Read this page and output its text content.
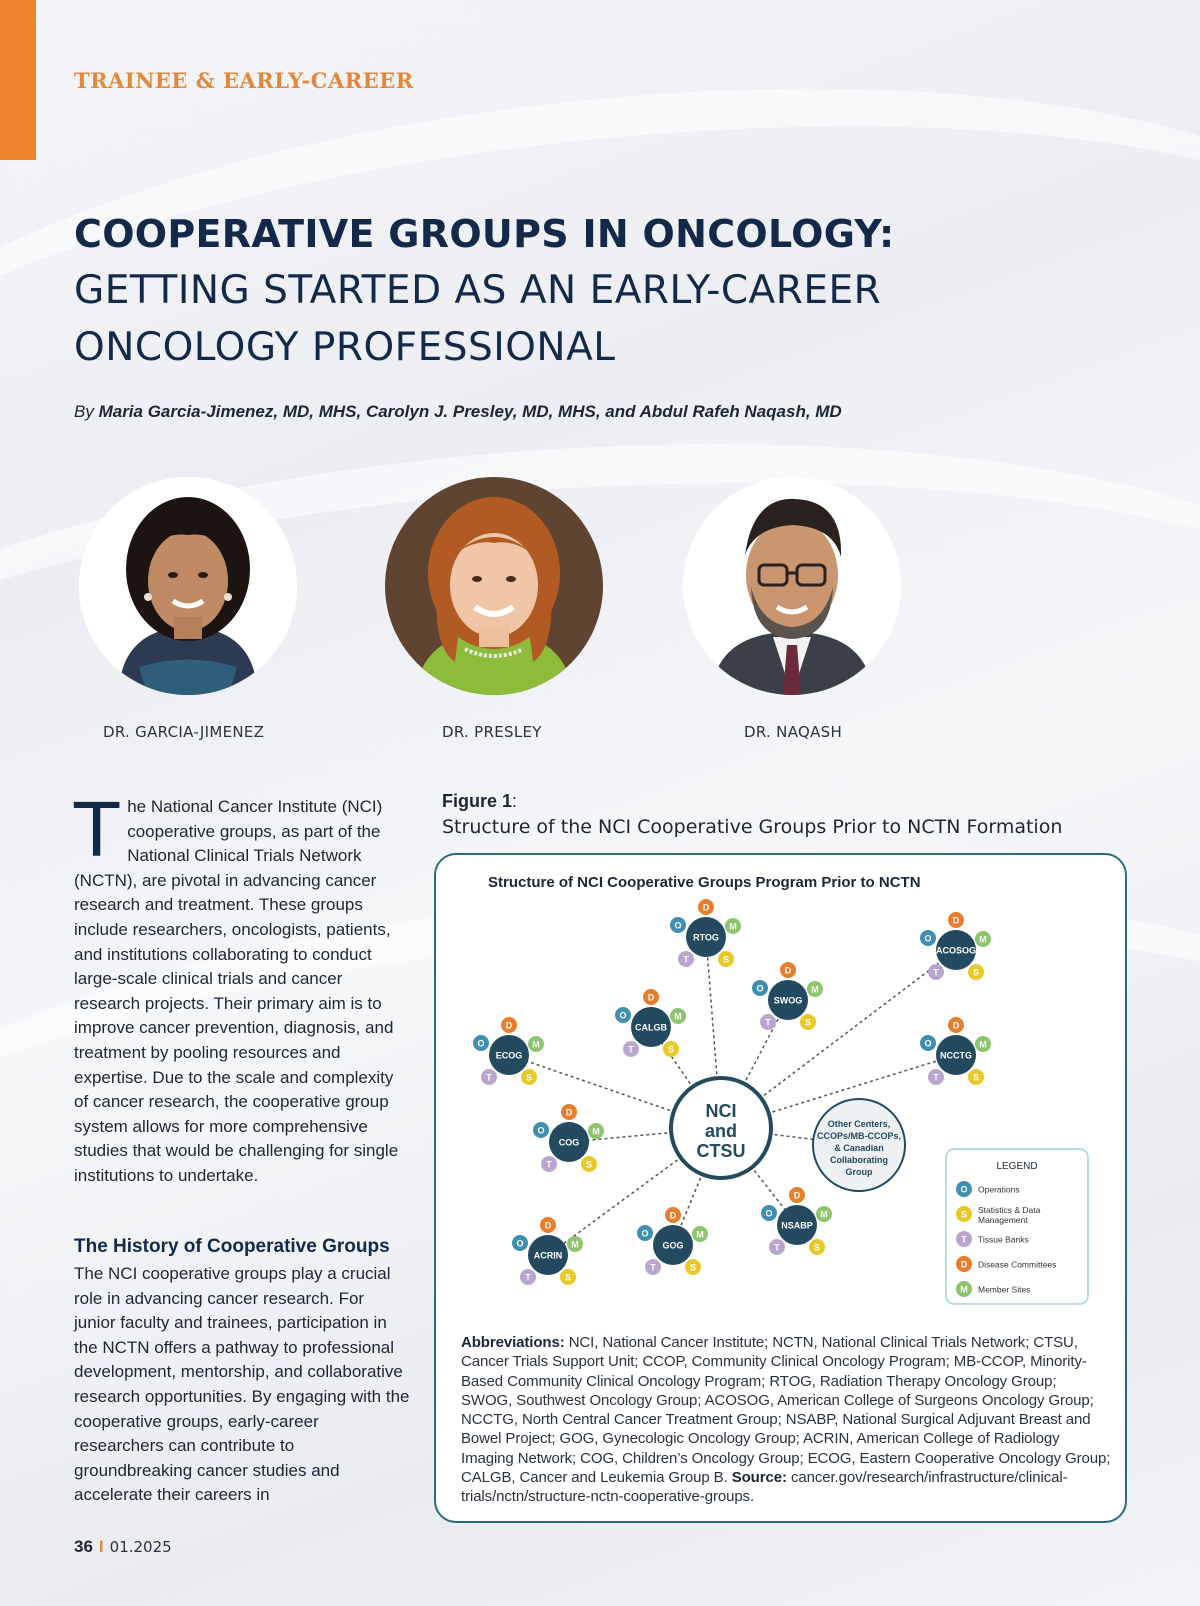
TRAINEE & EARLY-CAREER
COOPERATIVE GROUPS IN ONCOLOGY:
GETTING STARTED AS AN EARLY-CAREER
ONCOLOGY PROFESSIONAL
By Maria Garcia-Jimenez, MD, MHS, Carolyn J. Presley, MD, MHS, and Abdul Rafeh Naqash, MD
DR. GARCIA-JIMENEZ	DR. PRESLEY	DR. NAQASH
The National Cancer Institute (NCI) cooperative groups, as part of the National Clinical Trials Network (NCTN), are pivotal in advancing cancer research and treatment. These groups include researchers, oncologists, patients, and institutions collaborating to conduct large-scale clinical trials and cancer research projects. Their primary aim is to improve cancer prevention, diagnosis, and treatment by pooling resources and expertise. Due to the scale and complexity of cancer research, the cooperative group system allows for more comprehensive studies that would be challenging for single institutions to undertake.
The History of Cooperative Groups
The NCI cooperative groups play a crucial role in advancing cancer research. For junior faculty and trainees, participation in the NCTN offers a pathway to professional development, mentorship, and collaborative research opportunities. By engaging with the cooperative groups, early-career researchers can contribute to groundbreaking cancer studies and accelerate their careers in
Figure 1:
Structure of the NCI Cooperative Groups Prior to NCTN Formation
Structure of NCI Cooperative Groups Program Prior to NCTN
O
D
M
T	S
RTOG	O
D
M
T	S
ACOSOG
O
D
M
T	S
SWOG
O
D
M
T	S
CALGB
O
D
M
T	S
ECOG
O
D
M
T	S
NCCTG
O
D
M
T	S
COG
O
D
M
T	S
NSABP
O
D
M
T	S
GOG
O
D
M
T	S
ACRIN
NCI
and
CTSU
Other Centers,
CCOPs/MB-CCOPs,
& Canadian
Collaborating
Group	LEGEND
O Operations
S Statistics & Data
Management
T Tissue Banks
D Disease Committees
M Member Sites
Abbreviations: NCI, National Cancer Institute; NCTN, National Clinical Trials Network; CTSU, Cancer Trials Support Unit; CCOP, Community Clinical Oncology Program; MB-CCOP, Minority-Based Community Clinical Oncology Program; RTOG, Radiation Therapy Oncology Group; SWOG, Southwest Oncology Group; ACOSOG, American College of Surgeons Oncology Group; NCCTG, North Central Cancer Treatment Group; NSABP, National Surgical Adjuvant Breast and Bowel Project; GOG, Gynecologic Oncology Group; ACRIN, American College of Radiology Imaging Network; COG, Children’s Oncology Group; ECOG, Eastern Cooperative Oncology Group; CALGB, Cancer and Leukemia Group B. Source: cancer.gov/research/infrastructure/clinical-trials/nctn/structure-nctn-cooperative-groups.
36 I 01.2025
